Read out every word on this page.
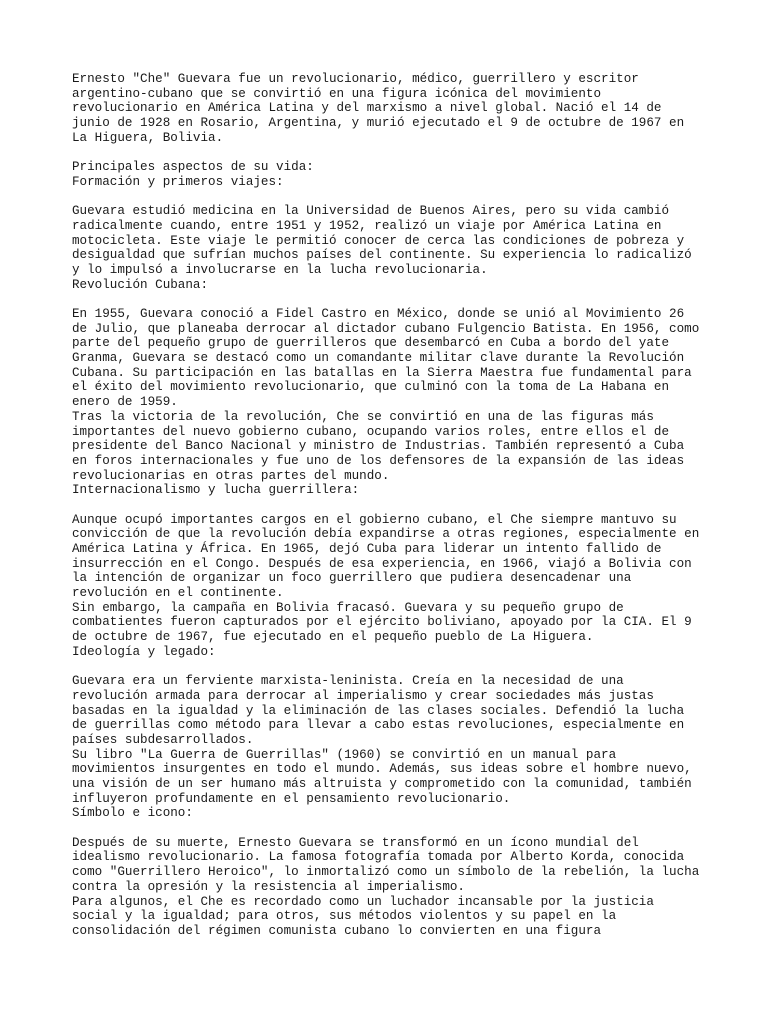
Ernesto "Che" Guevara fue un revolucionario, médico, guerrillero y escritor
argentino-cubano que se convirtió en una figura icónica del movimiento
revolucionario en América Latina y del marxismo a nivel global. Nació el 14 de
junio de 1928 en Rosario, Argentina, y murió ejecutado el 9 de octubre de 1967 en
La Higuera, Bolivia.
Principales aspectos de su vida:
Formación y primeros viajes:
Guevara estudió medicina en la Universidad de Buenos Aires, pero su vida cambió
radicalmente cuando, entre 1951 y 1952, realizó un viaje por América Latina en
motocicleta. Este viaje le permitió conocer de cerca las condiciones de pobreza y
desigualdad que sufrían muchos países del continente. Su experiencia lo radicalizó
y lo impulsó a involucrarse en la lucha revolucionaria.
Revolución Cubana:
En 1955, Guevara conoció a Fidel Castro en México, donde se unió al Movimiento 26
de Julio, que planeaba derrocar al dictador cubano Fulgencio Batista. En 1956, como
parte del pequeño grupo de guerrilleros que desembarcó en Cuba a bordo del yate
Granma, Guevara se destacó como un comandante militar clave durante la Revolución
Cubana. Su participación en las batallas en la Sierra Maestra fue fundamental para
el éxito del movimiento revolucionario, que culminó con la toma de La Habana en
enero de 1959.
Tras la victoria de la revolución, Che se convirtió en una de las figuras más
importantes del nuevo gobierno cubano, ocupando varios roles, entre ellos el de
presidente del Banco Nacional y ministro de Industrias. También representó a Cuba
en foros internacionales y fue uno de los defensores de la expansión de las ideas
revolucionarias en otras partes del mundo.
Internacionalismo y lucha guerrillera:
Aunque ocupó importantes cargos en el gobierno cubano, el Che siempre mantuvo su
convicción de que la revolución debía expandirse a otras regiones, especialmente en
América Latina y África. En 1965, dejó Cuba para liderar un intento fallido de
insurrección en el Congo. Después de esa experiencia, en 1966, viajó a Bolivia con
la intención de organizar un foco guerrillero que pudiera desencadenar una
revolución en el continente.
Sin embargo, la campaña en Bolivia fracasó. Guevara y su pequeño grupo de
combatientes fueron capturados por el ejército boliviano, apoyado por la CIA. El 9
de octubre de 1967, fue ejecutado en el pequeño pueblo de La Higuera.
Ideología y legado:
Guevara era un ferviente marxista-leninista. Creía en la necesidad de una
revolución armada para derrocar al imperialismo y crear sociedades más justas
basadas en la igualdad y la eliminación de las clases sociales. Defendió la lucha
de guerrillas como método para llevar a cabo estas revoluciones, especialmente en
países subdesarrollados.
Su libro "La Guerra de Guerrillas" (1960) se convirtió en un manual para
movimientos insurgentes en todo el mundo. Además, sus ideas sobre el hombre nuevo,
una visión de un ser humano más altruista y comprometido con la comunidad, también
influyeron profundamente en el pensamiento revolucionario.
Símbolo e icono:
Después de su muerte, Ernesto Guevara se transformó en un ícono mundial del
idealismo revolucionario. La famosa fotografía tomada por Alberto Korda, conocida
como "Guerrillero Heroico", lo inmortalizó como un símbolo de la rebelión, la lucha
contra la opresión y la resistencia al imperialismo.
Para algunos, el Che es recordado como un luchador incansable por la justicia
social y la igualdad; para otros, sus métodos violentos y su papel en la
consolidación del régimen comunista cubano lo convierten en una figura
